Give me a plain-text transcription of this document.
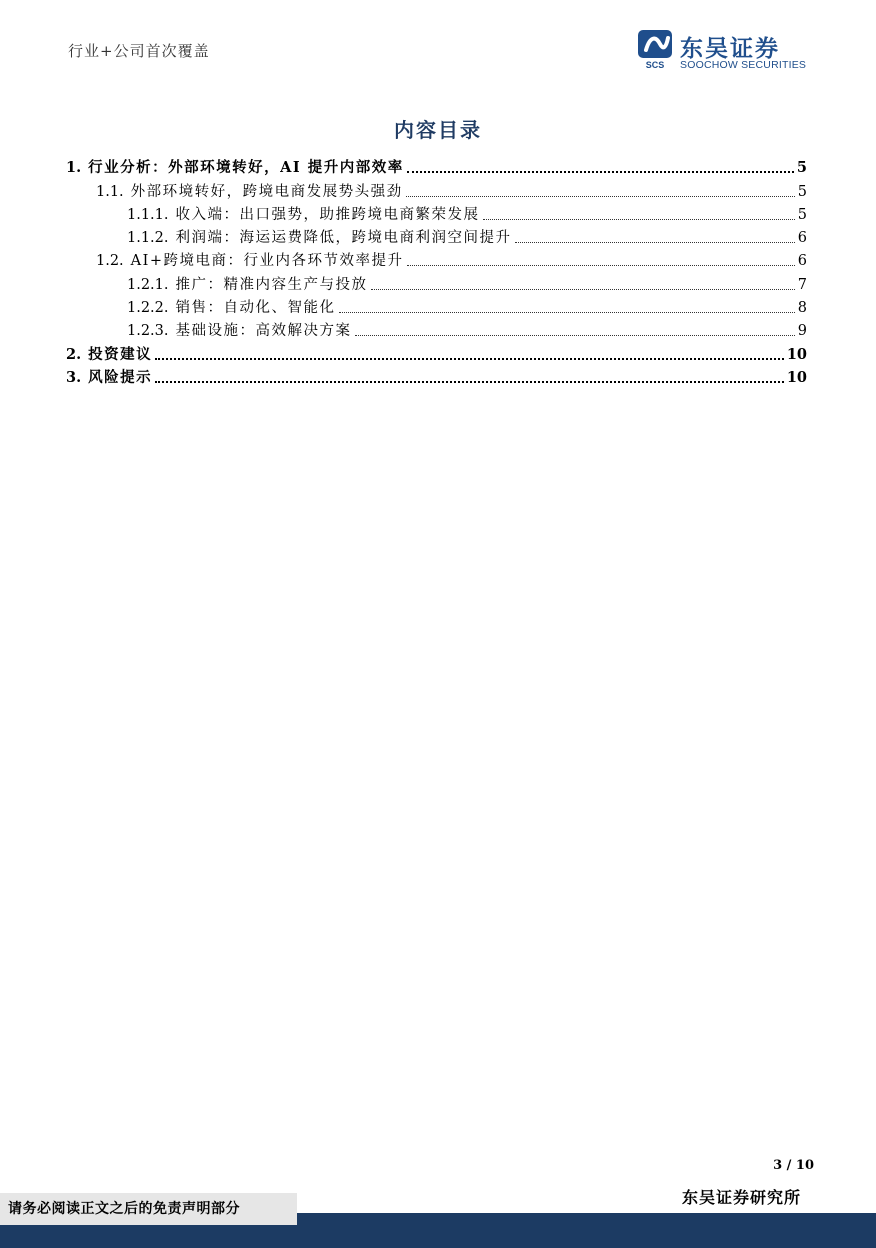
行业+公司首次覆盖
SCS
东吴证券
SOOCHOW SECURITIES
内容目录
1. 行业分析：外部环境转好，AI 提升内部效率	5
1.1. 外部环境转好，跨境电商发展势头强劲	5
1.1.1. 收入端：出口强势，助推跨境电商繁荣发展	5
1.1.2. 利润端：海运运费降低，跨境电商利润空间提升	6
1.2. AI+跨境电商：行业内各环节效率提升	6
1.2.1. 推广：精准内容生产与投放	7
1.2.2. 销售：自动化、智能化	8
1.2.3. 基础设施：高效解决方案	9
2. 投资建议	10
3. 风险提示	10
3 / 10
东吴证券研究所
请务必阅读正文之后的免责声明部分
